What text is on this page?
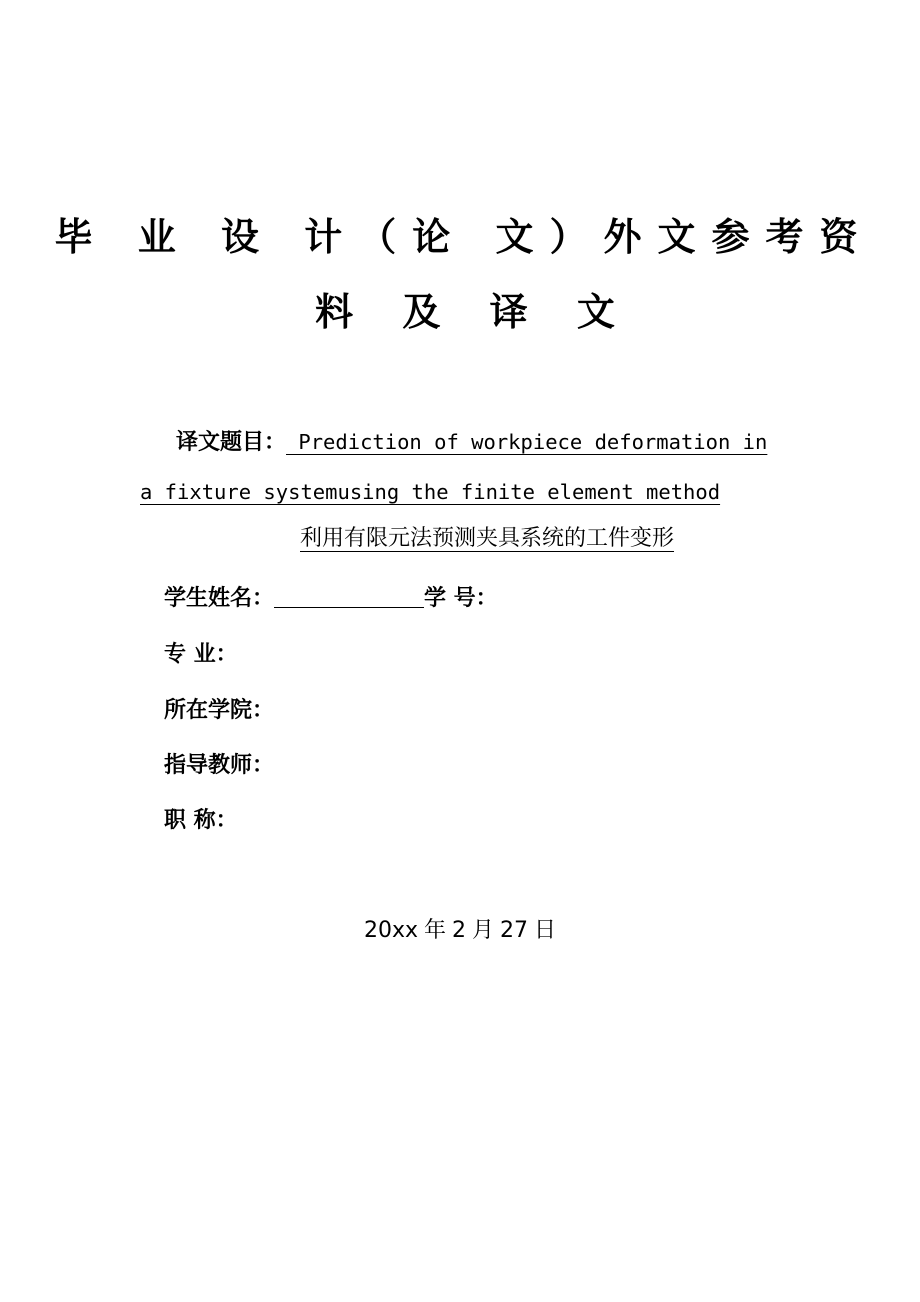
毕 业 设 计（论 文）外文参考资
料 及 译 文
译文题目： Prediction of workpiece deformation in
a fixture systemusing the finite element method
利用有限元法预测夹具系统的工件变形
学生姓名：	学 号：
专 业：
所在学院：
指导教师：
职 称：
20xx 年 2 月 27 日
